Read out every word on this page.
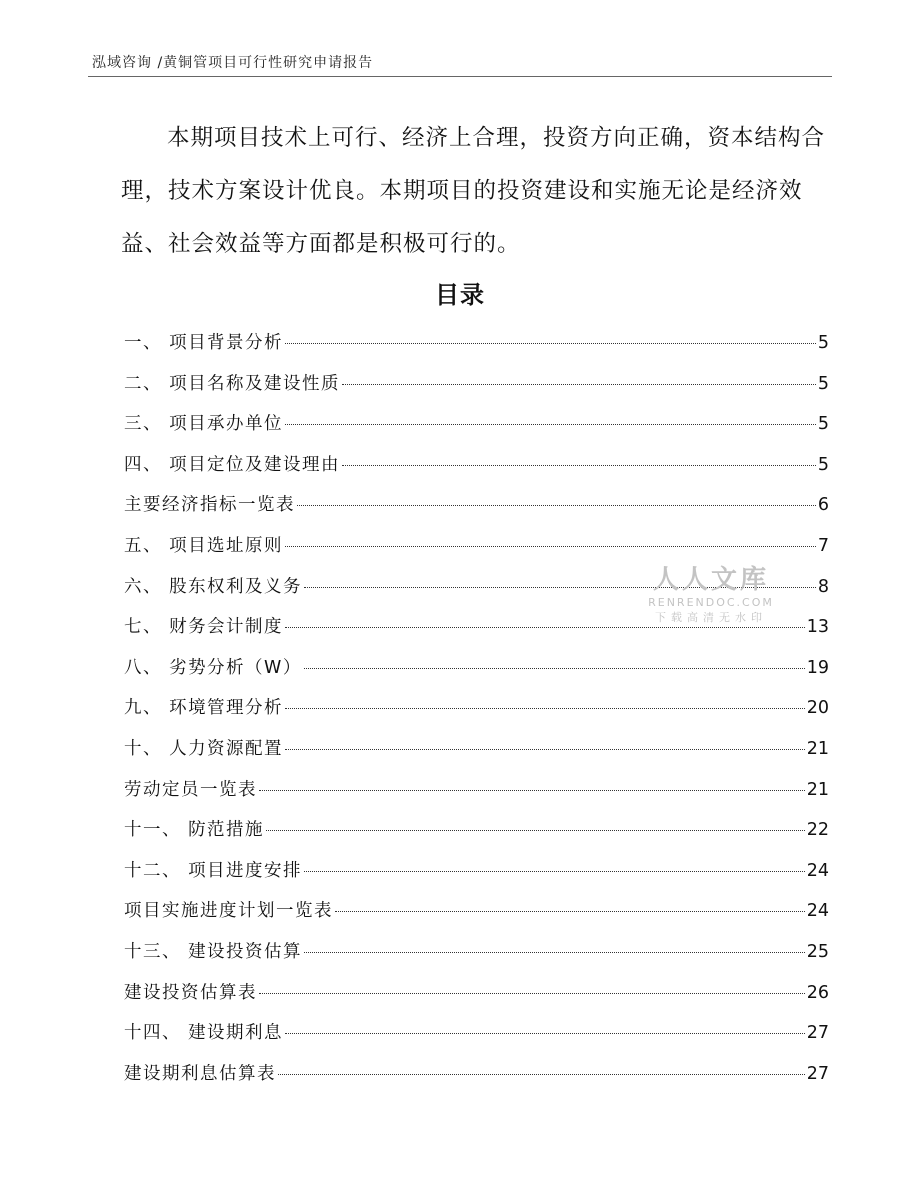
泓域咨询 /黄铜管项目可行性研究申请报告

本期项目技术上可行、经济上合理，投资方向正确，资本结构合理，技术方案设计优良。本期项目的投资建设和实施无论是经济效益、社会效益等方面都是积极可行的。

目录
一、 项目背景分析	5
二、 项目名称及建设性质	5
三、 项目承办单位	5
四、 项目定位及建设理由	5
主要经济指标一览表	6
五、 项目选址原则	7
六、 股东权利及义务	8
七、 财务会计制度	13
八、 劣势分析（W）	19
九、 环境管理分析	20
十、 人力资源配置	21
劳动定员一览表	21
十一、 防范措施	22
十二、 项目进度安排	24
项目实施进度计划一览表	24
十三、 建设投资估算	25
建设投资估算表	26
十四、 建设期利息	27
建设期利息估算表	27
人人文库
RENRENDOC.COM
下载高清无水印
